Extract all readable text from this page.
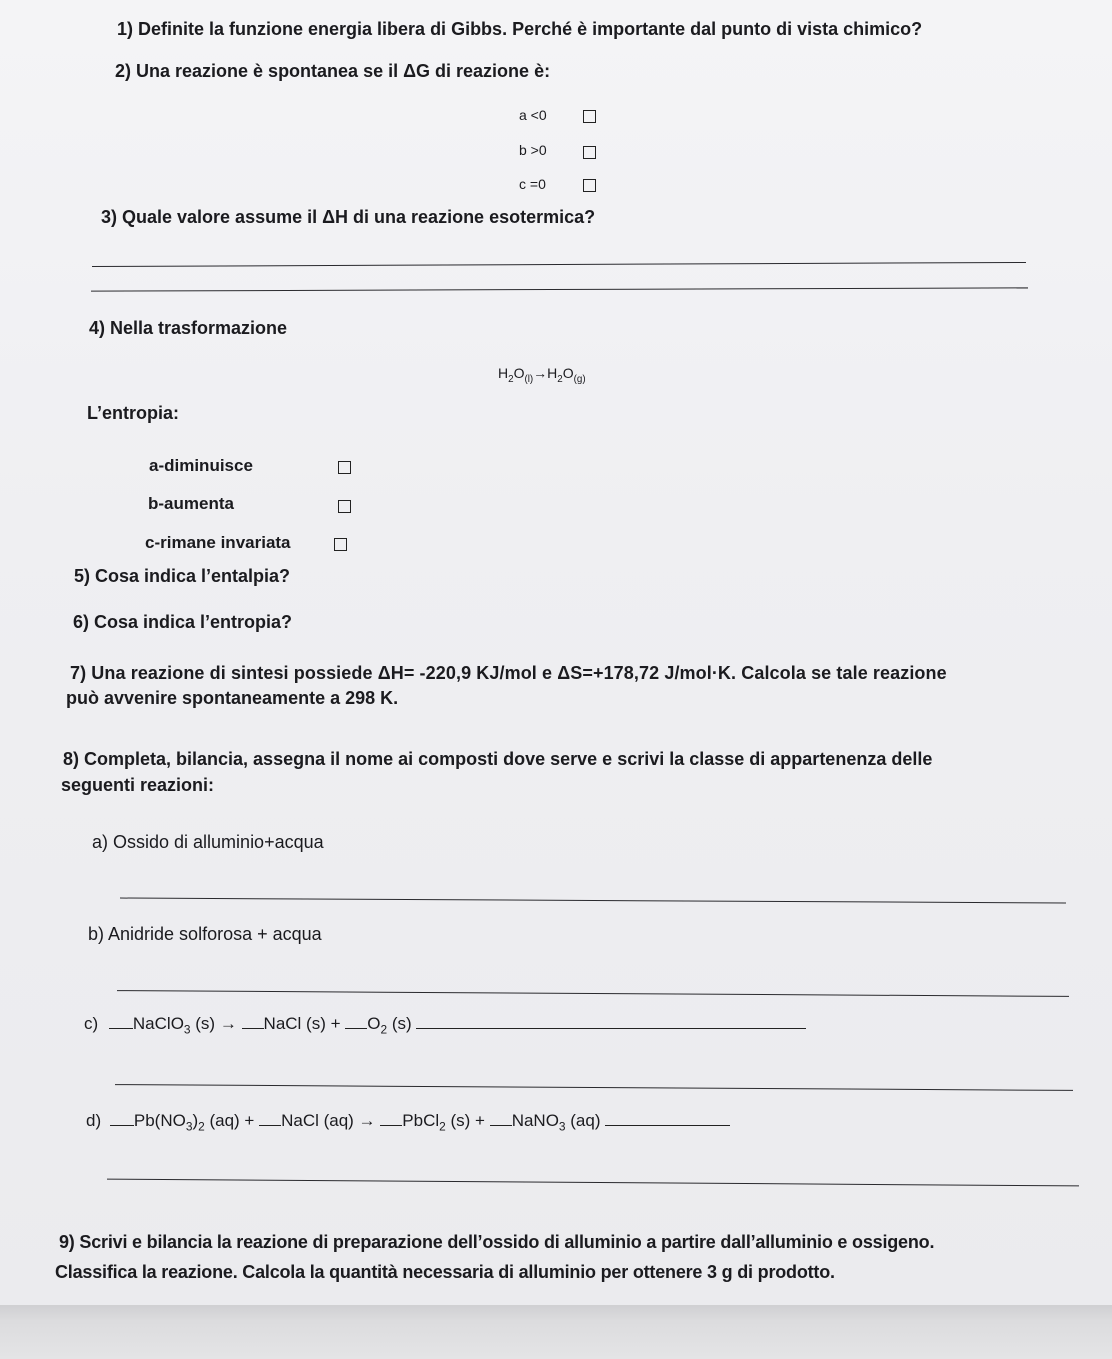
1) Definite la funzione energia libera di Gibbs. Perché è importante dal punto di vista chimico?
2) Una reazione è spontanea se il ΔG di reazione è:
a <0
b >0
c =0
3) Quale valore assume il ΔH di una reazione esotermica?
4) Nella trasformazione
$H_2O_{(l)}\to H_2O_{(g)}$
L’entropia:
a-diminuisce
b-aumenta
c-rimane invariata
5) Cosa indica l’entalpia?
6) Cosa indica l’entropia?
7) Una reazione di sintesi possiede ΔH= -220,9 KJ/mol e ΔS=+178,72 J/mol·K. Calcola se tale reazione
può avvenire spontaneamente a 298 K.
8) Completa, bilancia, assegna il nome ai composti dove serve e scrivi la classe di appartenenza delle
seguenti reazioni:
a) Ossido di alluminio+acqua
b) Anidride solforosa + acqua
c) NaClO$_3$ (s) → NaCl $(s) + O_2$ (s)
d) $Pb(NO_3)_2$ (aq) + NaCl (aq) → PbCl$_2$ (s) + NaNO$_3$ (aq)
9) Scrivi e bilancia la reazione di preparazione dell’ossido di alluminio a partire dall’alluminio e ossigeno.
Classifica la reazione. Calcola la quantità necessaria di alluminio per ottenere 3 g di prodotto.
